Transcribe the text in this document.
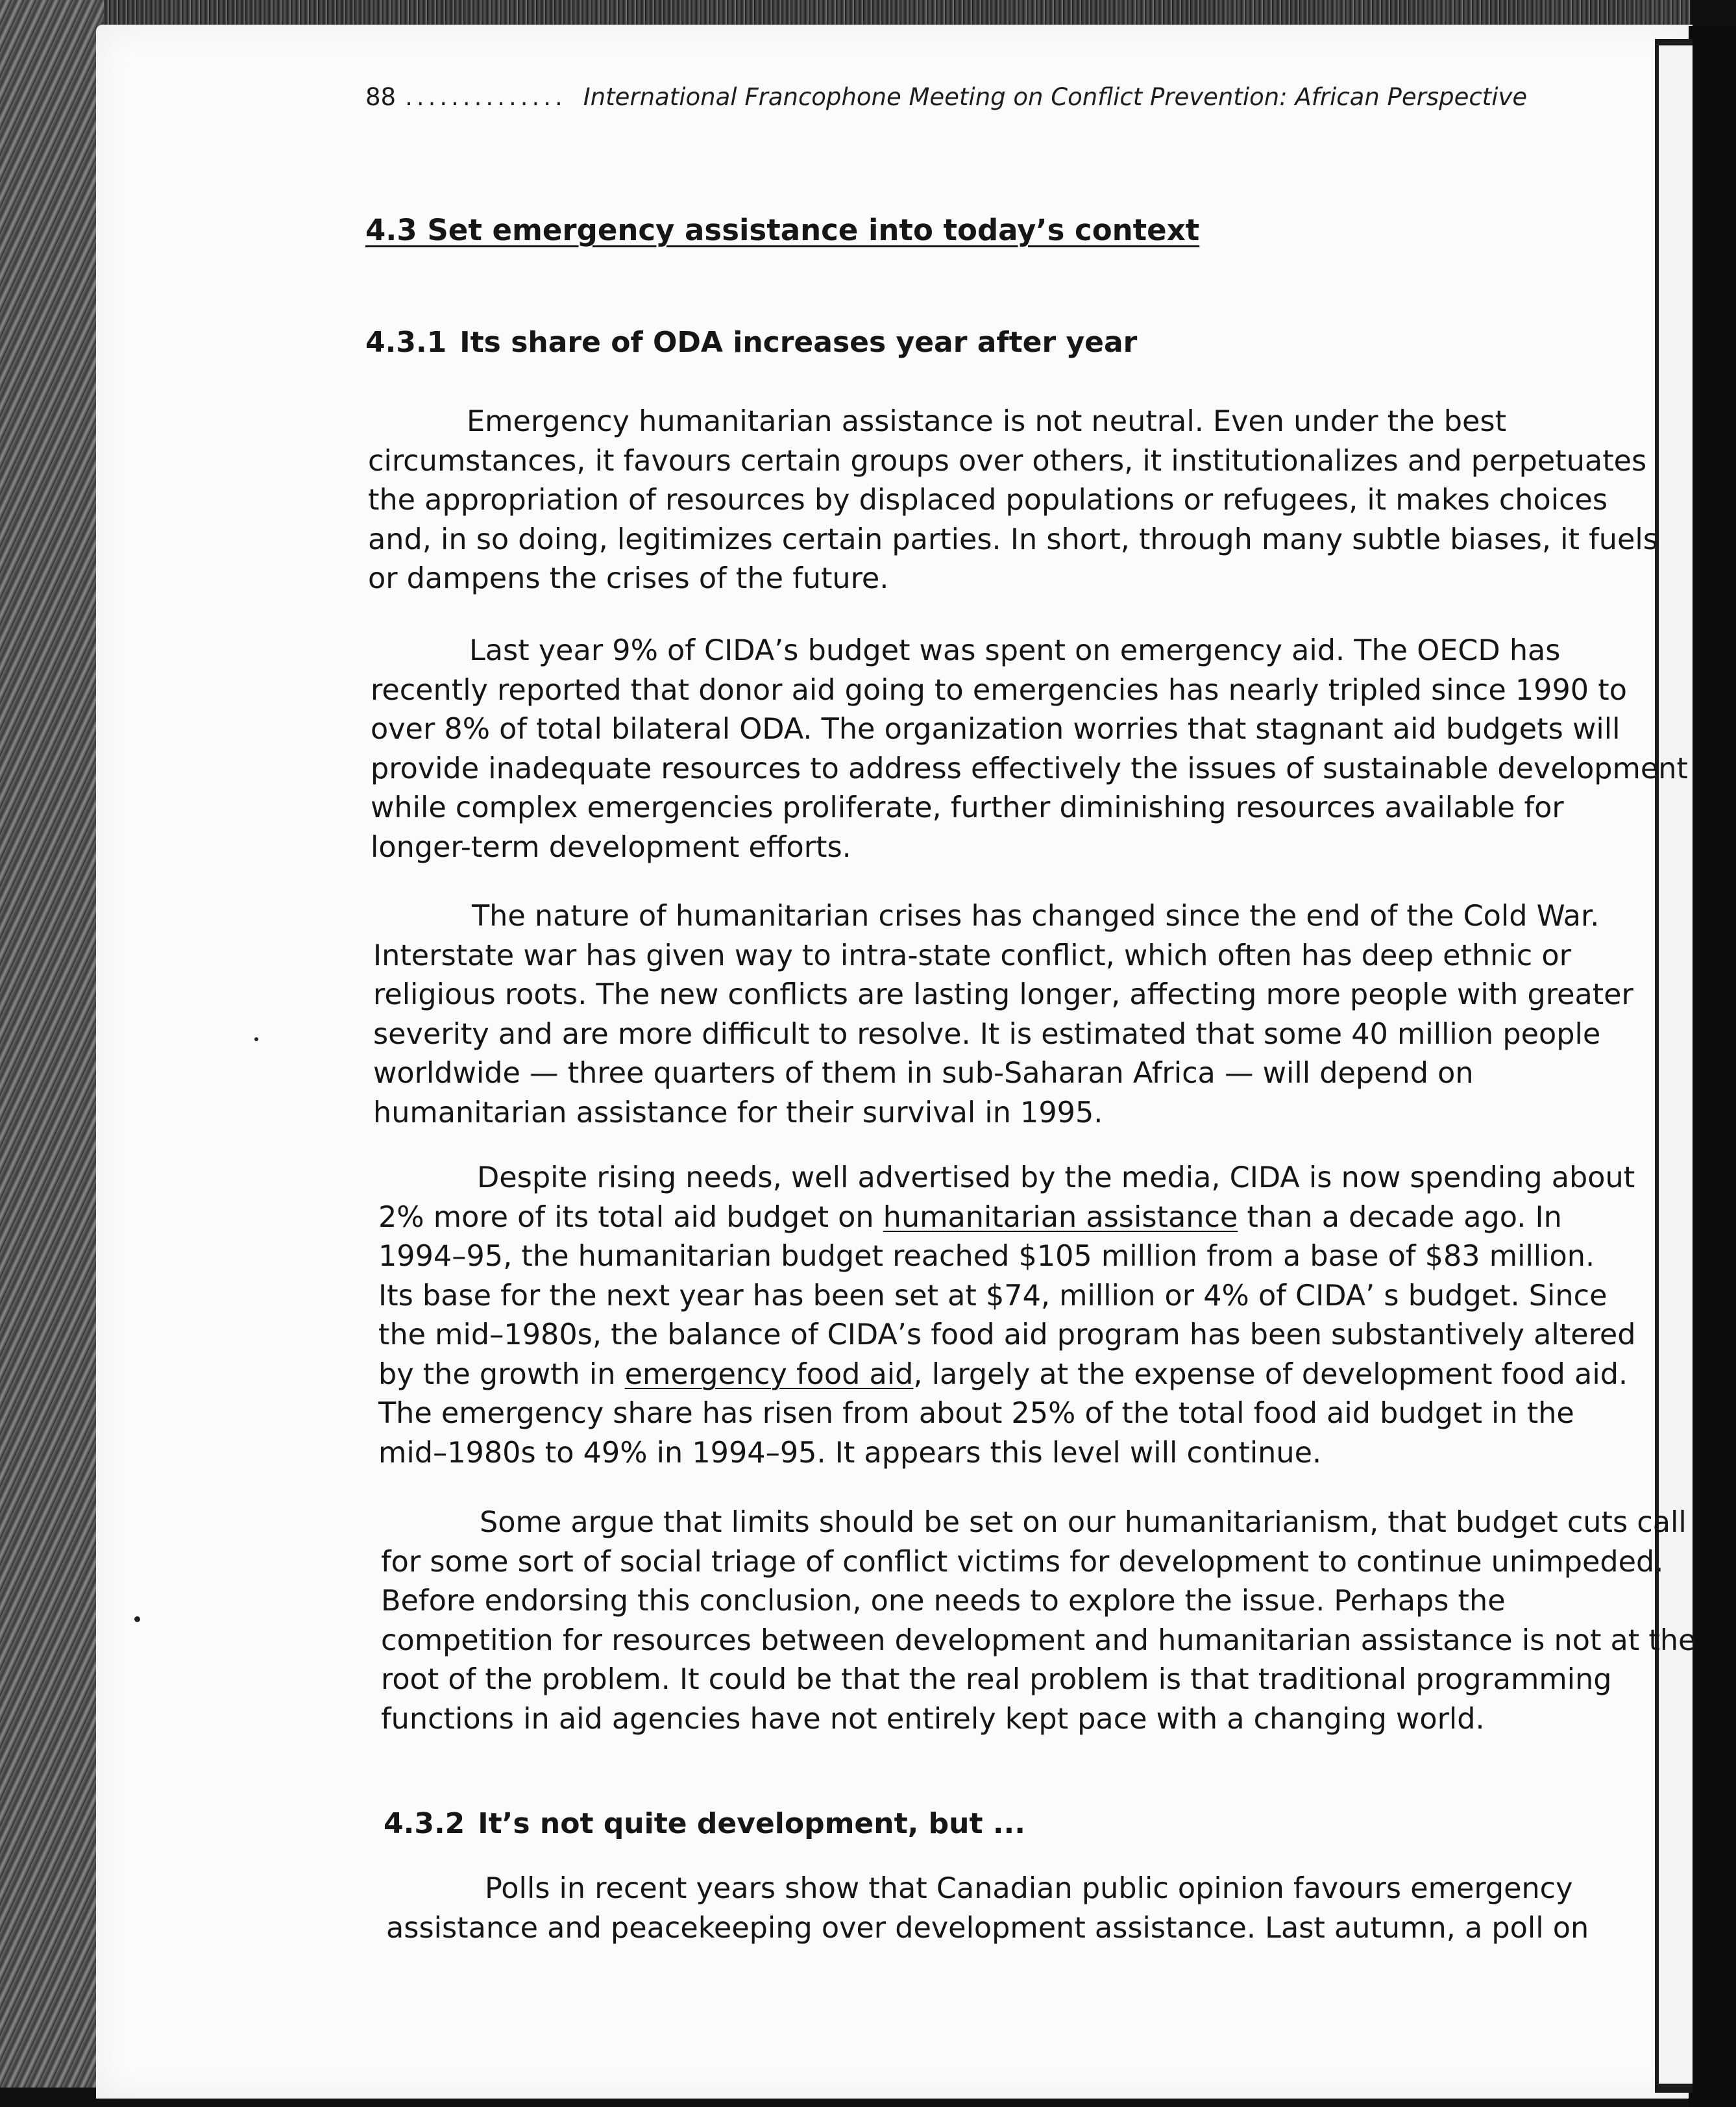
88 .............. International Francophone Meeting on Conflict Prevention: African Perspective
4.3 Set emergency assistance into today’s context
4.3.1 Its share of ODA increases year after year
Emergency humanitarian assistance is not neutral. Even under the best
circumstances, it favours certain groups over others, it institutionalizes and perpetuates
the appropriation of resources by displaced populations or refugees, it makes choices
and, in so doing, legitimizes certain parties. In short, through many subtle biases, it fuels
or dampens the crises of the future.
Last year 9% of CIDA’s budget was spent on emergency aid. The OECD has
recently reported that donor aid going to emergencies has nearly tripled since 1990 to
over 8% of total bilateral ODA. The organization worries that stagnant aid budgets will
provide inadequate resources to address effectively the issues of sustainable development
while complex emergencies proliferate, further diminishing resources available for
longer-term development efforts.
The nature of humanitarian crises has changed since the end of the Cold War.
Interstate war has given way to intra-state conflict, which often has deep ethnic or
religious roots. The new conflicts are lasting longer, affecting more people with greater
severity and are more difficult to resolve. It is estimated that some 40 million people
worldwide — three quarters of them in sub-Saharan Africa — will depend on
humanitarian assistance for their survival in 1995.
Despite rising needs, well advertised by the media, CIDA is now spending about
2% more of its total aid budget on humanitarian assistance than a decade ago. In
1994–95, the humanitarian budget reached $105 million from a base of $83 million.
Its base for the next year has been set at $74, million or 4% of CIDA’ s budget. Since
the mid–1980s, the balance of CIDA’s food aid program has been substantively altered
by the growth in emergency food aid, largely at the expense of development food aid.
The emergency share has risen from about 25% of the total food aid budget in the
mid–1980s to 49% in 1994–95. It appears this level will continue.
Some argue that limits should be set on our humanitarianism, that budget cuts call
for some sort of social triage of conflict victims for development to continue unimpeded.
Before endorsing this conclusion, one needs to explore the issue. Perhaps the
competition for resources between development and humanitarian assistance is not at the
root of the problem. It could be that the real problem is that traditional programming
functions in aid agencies have not entirely kept pace with a changing world.
4.3.2 It’s not quite development, but ...
Polls in recent years show that Canadian public opinion favours emergency
assistance and peacekeeping over development assistance. Last autumn, a poll on
